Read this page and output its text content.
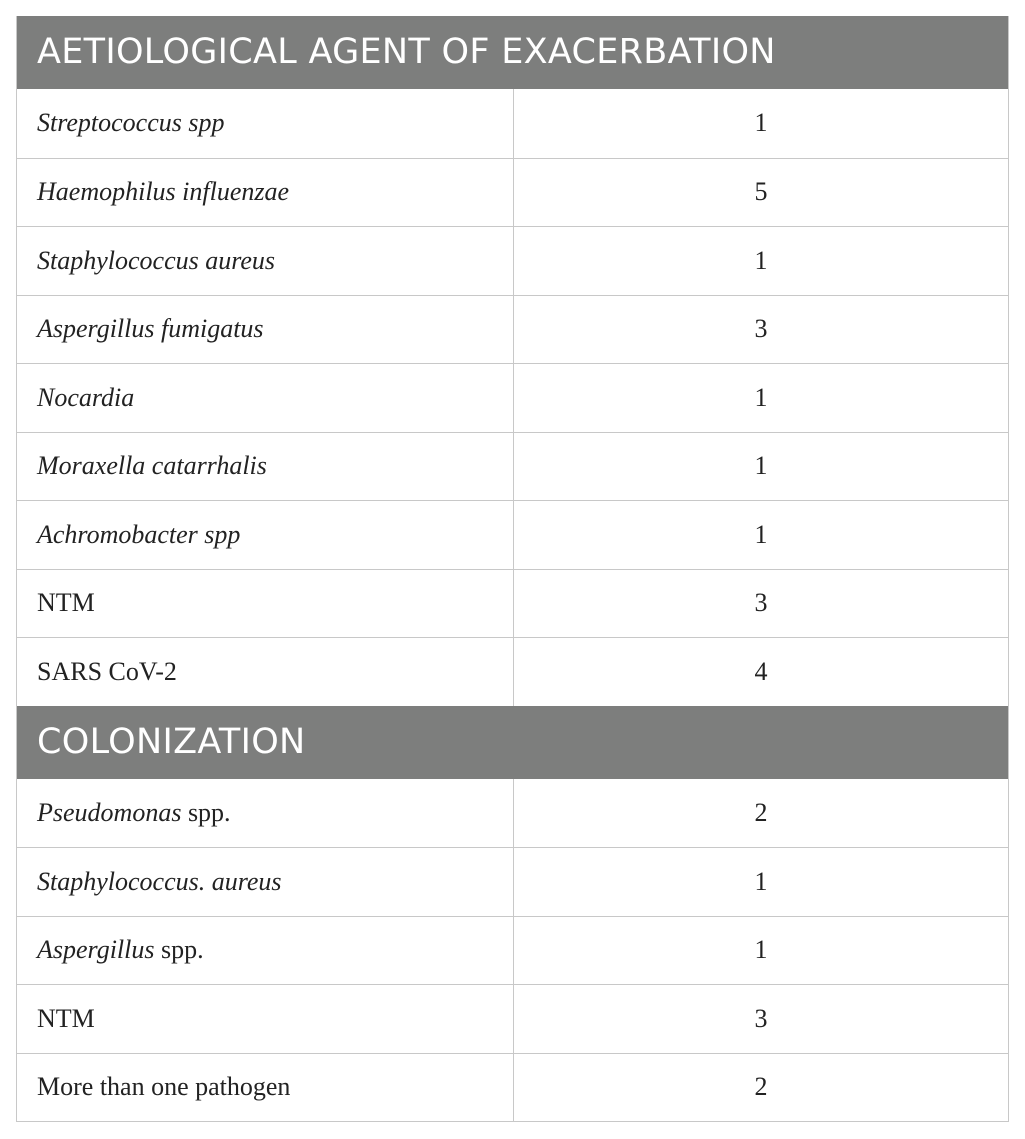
AETIOLOGICAL AGENT OF EXACERBATION
Streptococcus spp	1
Haemophilus influenzae	5
Staphylococcus aureus	1
Aspergillus fumigatus	3
Nocardia	1
Moraxella catarrhalis	1
Achromobacter spp	1
NTM	3
SARS CoV-2	4
COLONIZATION
Pseudomonas spp.	2
Staphylococcus. aureus	1
Aspergillus spp.	1
NTM	3
More than one pathogen	2
